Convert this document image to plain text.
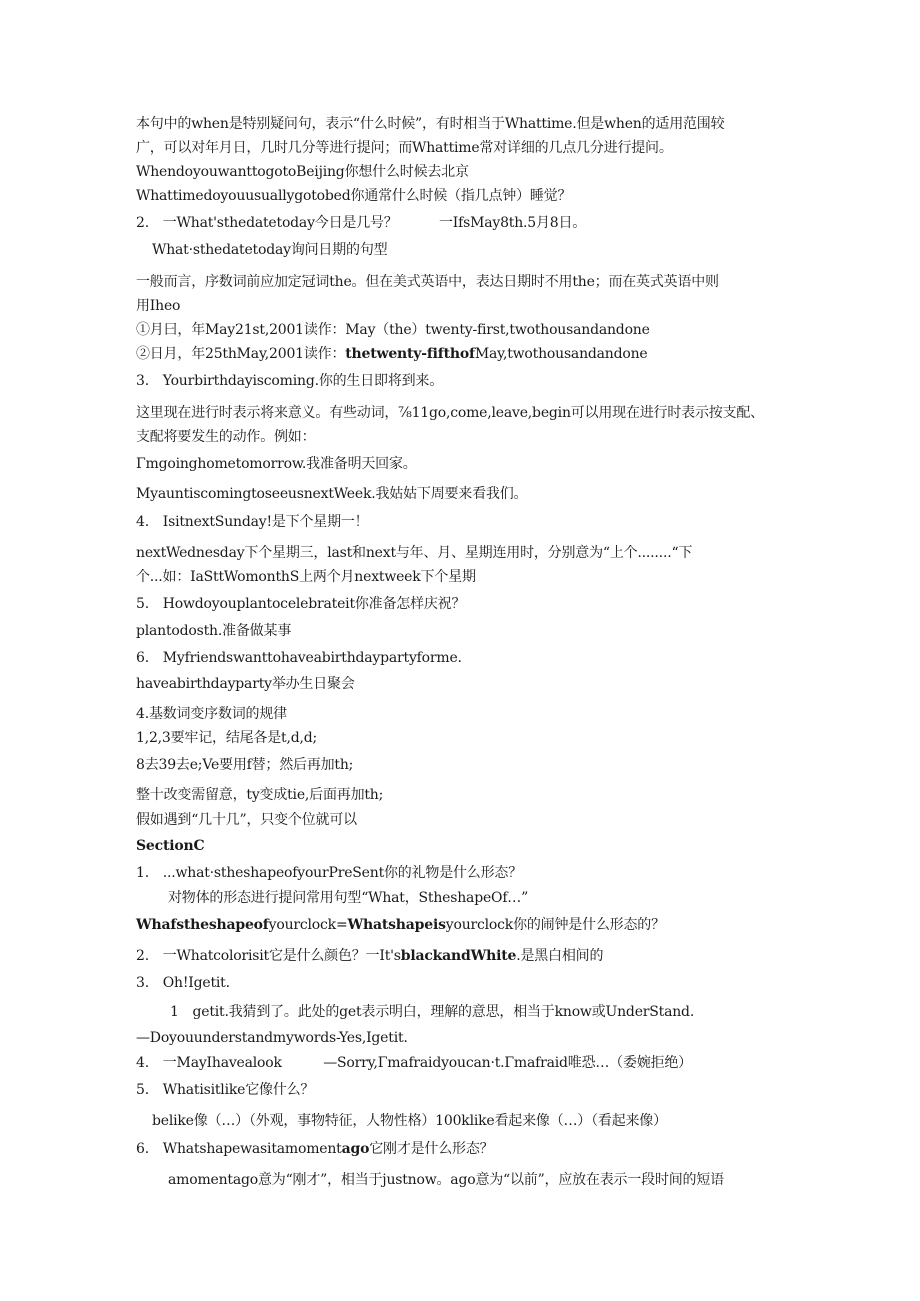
本句中的when是特别疑问句，表示“什么时候”，有时相当于Whattime.但是when的适用范围较
广，可以对年月日，几时几分等进行提问；而Whattime常对详细的几点几分进行提问。
WhendoyouwanttogotoBeijing你想什么时候去北京
Whattimedoyouusuallygotobed你通常什么时候（指几点钟）睡觉？
2.　一What'sthedatetoday今日是几号？　　　一IfsMay8th.5月8日。
What·sthedatetoday询问日期的句型
一般而言，序数词前应加定冠词the。但在美式英语中，表达日期时不用the；而在英式英语中则
用Iheo
①月曰，年May21st,2001读作：May（the）twenty-first,twothousandandone
②日月，年25thMay,2001读作：thetwenty-fifthofMay,twothousandandone
3.　Yourbirthdayiscoming.你的生日即将到来。
这里现在进行时表示将来意义。有些动词，⅞11go,come,leave,begin可以用现在进行时表示按支配、
支配将要发生的动作。例如：
Γmgoinghometomorrow.我准备明天回家。
MyauntiscomingtoseeusnextWeek.我姑姑下周要来看我们。
4.　IsitnextSunday!是下个星期一！
nextWednesday下个星期三，last和next与年、月、星期连用时，分别意为“上个........“下
个...如：IaSttWomonthS上两个月nextweek下个星期
5.　Howdoyouplantocelebrateit你准备怎样庆祝？
plantodosth.准备做某事
6.　Myfriendswanttohaveabirthdaypartyforme.
haveabirthdayparty举办生日聚会
4.基数词变序数词的规律
1,2,3要牢记，结尾各是t,d,d;
8去39去e;Ve要用f替；然后再加th;
整十改变需留意，ty变成tie,后面再加th;
假如遇到“几十几”，只变个位就可以
SectionC
1.　...what·stheshapeofyourPreSent你的礼物是什么形态？
对物体的形态进行提问常用句型“What，StheshapeOf…”
Whafstheshapeofyourclock=Whatshapeisyourclock你的闹钟是什么形态的？
2.　一Whatcolorisit它是什么颜色？一It'sblackandWhite.是黑白相间的
3.　Oh!Igetit.
1　getit.我猜到了。此处的get表示明白，理解的意思，相当于know或UnderStand.
—Doyouunderstandmywords-Yes,Igetit.
4.　一MayIhavealook　　　—Sorry,Γmafraidyoucan·t.Γmafraid唯恐…（委婉拒绝）
5.　Whatisitlike它像什么？
belike像（…）（外观，事物特征，人物性格）100klike看起来像（…）（看起来像）
6.　Whatshapewasitamomentago它刚才是什么形态？
amomentago意为“刚才”，相当于justnow。ago意为“以前”，应放在表示一段时间的短语
